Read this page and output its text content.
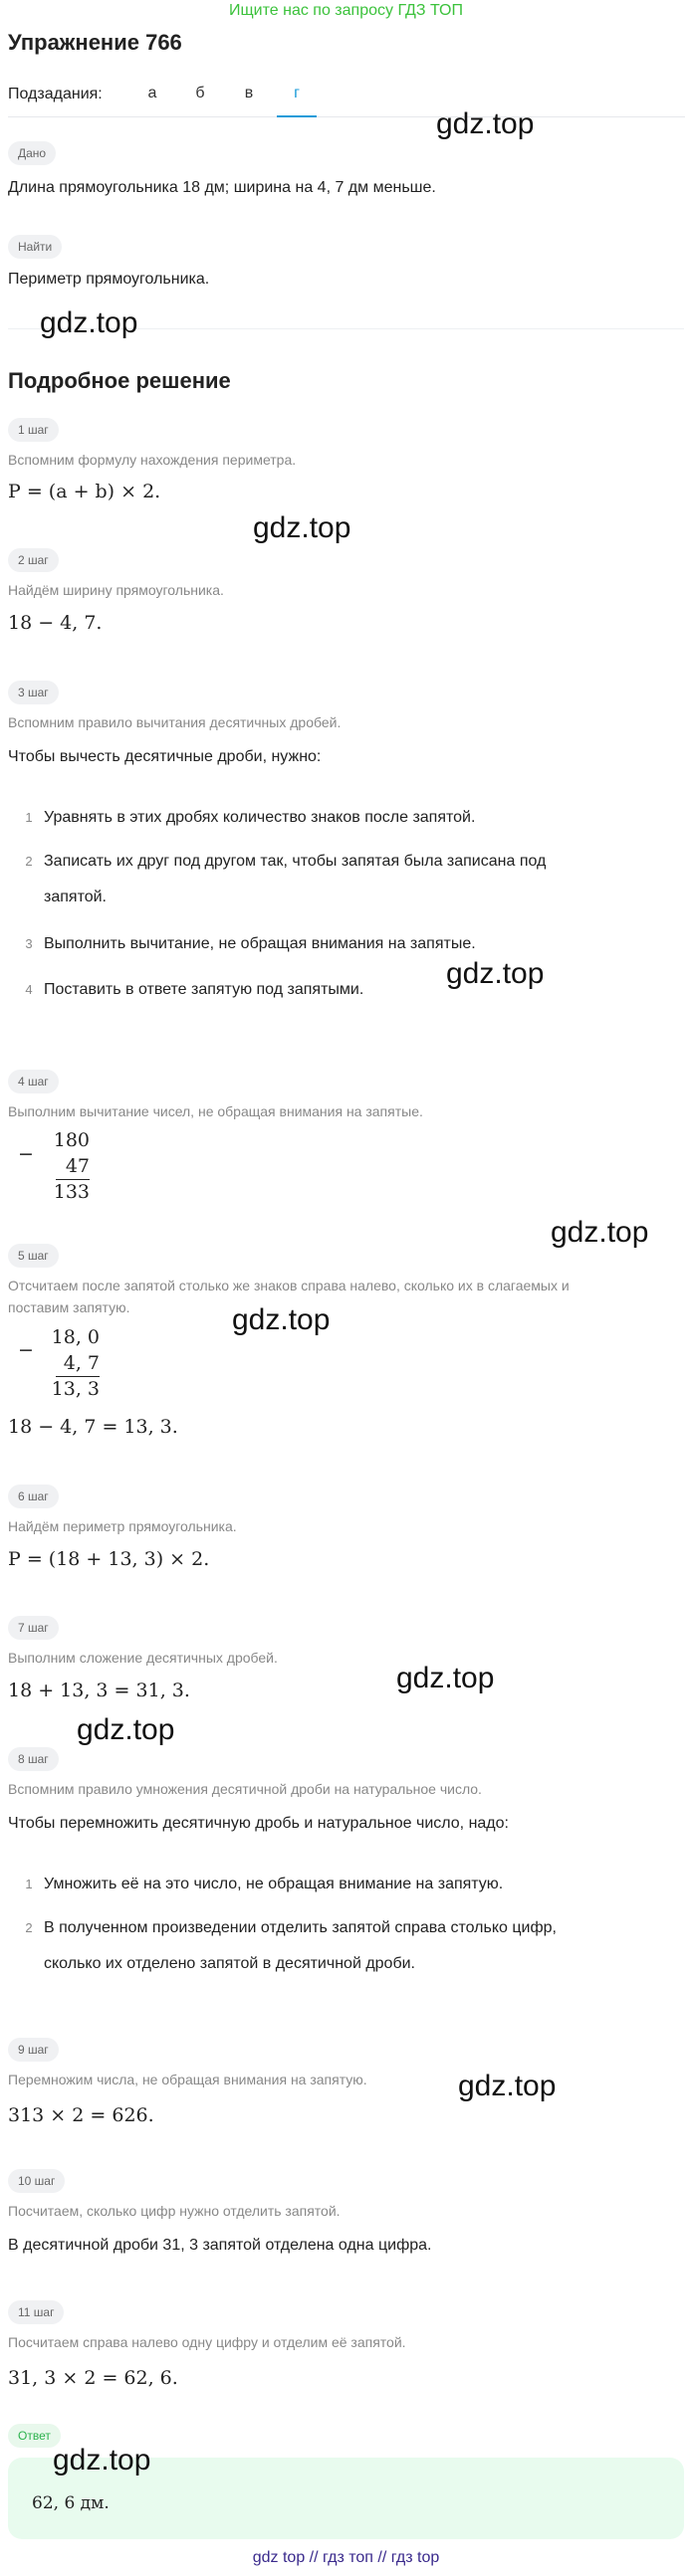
Ищите нас по запросу ГДЗ ТОП
Упражнение 766
Подзадания:	а	б	в	г
Дано
Длина прямоугольника 18 дм; ширина на 4, 7 дм меньше.
Найти
Периметр прямоугольника.
Подробное решение
1 шаг
Вспомним формулу нахождения периметра.
P = (a + b) × 2.
2 шаг
Найдём ширину прямоугольника.
18 − 4, 7.
3 шаг
Вспомним правило вычитания десятичных дробей.
Чтобы вычесть десятичные дроби, нужно:
1 Уравнять в этих дробях количество знаков после запятой.
2 Записать их друг под другом так, чтобы запятая была записана под
запятой.
3 Выполнить вычитание, не обращая внимания на запятые.
4 Поставить в ответе запятую под запятыми.
4 шаг
Выполним вычитание чисел, не обращая внимания на запятые.
−
180
47
133
5 шаг
Отсчитаем после запятой столько же знаков справа налево, сколько их в слагаемых и
поставим запятую.
−
18, 0
4, 7
13, 3
18 − 4, 7 = 13, 3.
6 шаг
Найдём периметр прямоугольника.
P = (18 + 13, 3) × 2.
7 шаг
Выполним сложение десятичных дробей.
18 + 13, 3 = 31, 3.
8 шаг
Вспомним правило умножения десятичной дроби на натуральное число.
Чтобы перемножить десятичную дробь и натуральное число, надо:
1 Умножить её на это число, не обращая внимание на запятую.
2 В полученном произведении отделить запятой справа столько цифр,
сколько их отделено запятой в десятичной дроби.
9 шаг
Перемножим числа, не обращая внимания на запятую.
313 × 2 = 626.
10 шаг
Посчитаем, сколько цифр нужно отделить запятой.
В десятичной дроби 31, 3 запятой отделена одна цифра.
11 шаг
Посчитаем справа налево одну цифру и отделим её запятой.
31, 3 × 2 = 62, 6.
Ответ
62, 6 дм.
gdz.top
gdz.top
gdz.top
gdz.top
gdz.top
gdz.top
gdz.top
gdz.top
gdz.top
gdz.top
gdz top // гдз топ // гдз top
